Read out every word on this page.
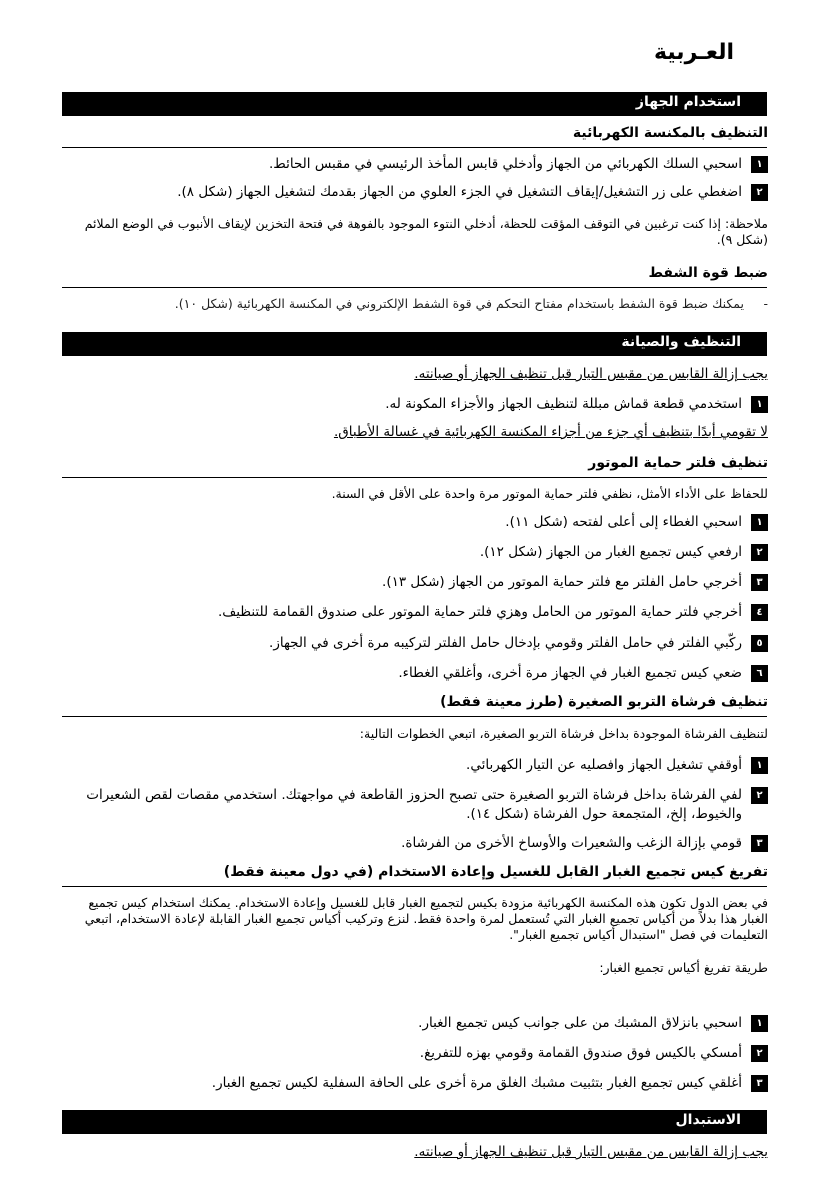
العـربية
استخدام الجهاز
التنظيف بالمكنسة الكهربائية
١
اسحبي السلك الكهربائي من الجهاز وأدخلي قابس المأخذ الرئيسي في مقبس الحائط.
٢
اضغطي على زر التشغيل/إيقاف التشغيل في الجزء العلوي من الجهاز بقدمك لتشغيل الجهاز (شكل ٨).
ملاحظة: إذا كنت ترغبين في التوقف المؤقت للحظة، أدخلي النتوء الموجود بالفوهة في فتحة التخزين لإيقاف الأنبوب في الوضع الملائم (شكل ٩).
ضبط قوة الشفط
-
يمكنك ضبط قوة الشفط باستخدام مفتاح التحكم في قوة الشفط الإلكتروني في المكنسة الكهربائية (شكل ١٠).
التنظيف والصيانة
يجب إزالة القابس من مقبس التيار قبل تنظيف الجهاز أو صيانته.
١
استخدمي قطعة قماش مبللة لتنظيف الجهاز والأجزاء المكونة له.
لا تقومي أبدًا بتنظيف أي جزء من أجزاء المكنسة الكهربائية في غسالة الأطباق.
تنظيف فلتر حماية الموتور
للحفاظ على الأداء الأمثل، نظفي فلتر حماية الموتور مرة واحدة على الأقل في السنة.
١
اسحبي الغطاء إلى أعلى لفتحه (شكل ١١).
٢
ارفعي كيس تجميع الغبار من الجهاز (شكل ١٢).
٣
أخرجي حامل الفلتر مع فلتر حماية الموتور من الجهاز (شكل ١٣).
٤
أخرجي فلتر حماية الموتور من الحامل وهزي فلتر حماية الموتور على صندوق القمامة للتنظيف.
٥
ركّبي الفلتر في حامل الفلتر وقومي بإدخال حامل الفلتر لتركيبه مرة أخرى في الجهاز.
٦
ضعي كيس تجميع الغبار في الجهاز مرة أخرى، وأغلقي الغطاء.
تنظيف فرشاة التربو الصغيرة (طرز معينة فقط)
لتنظيف الفرشاة الموجودة بداخل فرشاة التربو الصغيرة، اتبعي الخطوات التالية:
١
أوقفي تشغيل الجهاز وافصليه عن التيار الكهربائي.
٢
لفي الفرشاة بداخل فرشاة التربو الصغيرة حتى تصبح الحزوز القاطعة في مواجهتك. استخدمي مقصات لقص الشعيرات والخيوط، إلخ، المتجمعة حول الفرشاة (شكل ١٤).
٣
قومي بإزالة الزغب والشعيرات والأوساخ الأخرى من الفرشاة.
تفريغ كيس تجميع الغبار القابل للغسيل وإعادة الاستخدام (في دول معينة فقط)
في بعض الدول تكون هذه المكنسة الكهربائية مزودة بكيس لتجميع الغبار قابل للغسيل وإعادة الاستخدام. يمكنك استخدام كيس تجميع الغبار هذا بدلاً من أكياس تجميع الغبار التي تُستعمل لمرة واحدة فقط. لنزع وتركيب أكياس تجميع الغبار القابلة لإعادة الاستخدام، اتبعي التعليمات في فصل "استبدال أكياس تجميع الغبار".
طريقة تفريغ أكياس تجميع الغبار:
١
اسحبي بانزلاق المشبك من على جوانب كيس تجميع الغبار.
٢
أمسكي بالكيس فوق صندوق القمامة وقومي بهزه للتفريغ.
٣
أغلقي كيس تجميع الغبار بتثبيت مشبك الغلق مرة أخرى على الحافة السفلية لكيس تجميع الغبار.
الاستبدال
يجب إزالة القابس من مقبس التيار قبل تنظيف الجهاز أو صيانته.
